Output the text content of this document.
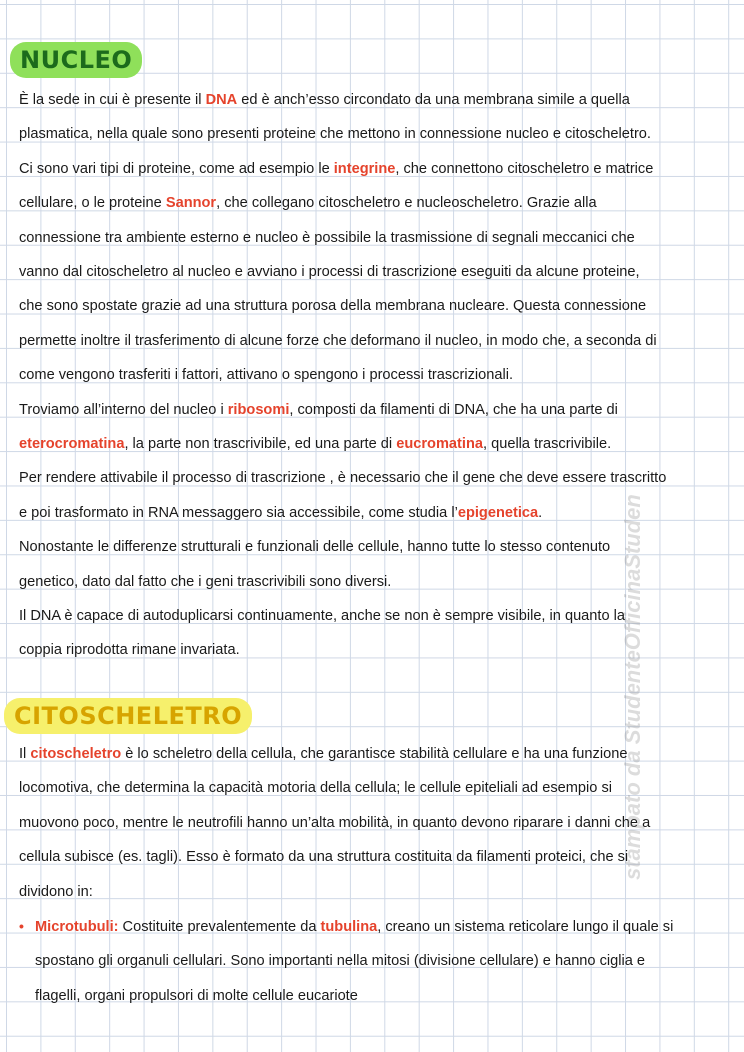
NUCLEO
È la sede in cui è presente il DNA ed è anch’esso circondato da una membrana simile a quella
plasmatica, nella quale sono presenti proteine che mettono in connessione nucleo e citoscheletro.
Ci sono vari tipi di proteine, come ad esempio le integrine, che connettono citoscheletro e matrice
cellulare, o le proteine Sannor, che collegano citoscheletro e nucleoscheletro. Grazie alla
connessione tra ambiente esterno e nucleo è possibile la trasmissione di segnali meccanici che
vanno dal citoscheletro al nucleo e avviano i processi di trascrizione eseguiti da alcune proteine,
che sono spostate grazie ad una struttura porosa della membrana nucleare. Questa connessione
permette inoltre il trasferimento di alcune forze che deformano il nucleo, in modo che, a seconda di
come vengono trasferiti i fattori, attivano o spengono i processi trascrizionali.
Troviamo all’interno del nucleo i ribosomi, composti da filamenti di DNA, che ha una parte di
eterocromatina, la parte non trascrivibile, ed una parte di eucromatina, quella trascrivibile.
Per rendere attivabile il processo di trascrizione , è necessario che il gene che deve essere trascritto
e poi trasformato in RNA messaggero sia accessibile, come studia l’epigenetica.
Nonostante le differenze strutturali e funzionali delle cellule, hanno tutte lo stesso contenuto
genetico, dato dal fatto che i geni trascrivibili sono diversi.
Il DNA è capace di autoduplicarsi continuamente, anche se non è sempre visibile, in quanto la
coppia riprodotta rimane invariata.
CITOSCHELETRO
Il citoscheletro è lo scheletro della cellula, che garantisce stabilità cellulare e ha una funzione
locomotiva, che determina la capacità motoria della cellula; le cellule epiteliali ad esempio si
muovono poco, mentre le neutrofili hanno un’alta mobilità, in quanto devono riparare i danni che a
cellula subisce (es. tagli). Esso è formato da una struttura costituita da filamenti proteici, che si
dividono in:
• Microtubuli: Costituite prevalentemente da tubulina, creano un sistema reticolare lungo il quale si
spostano gli organuli cellulari. Sono importanti nella mitosi (divisione cellulare) e hanno ciglia e
flagelli, organi propulsori di molte cellule eucariote
stampato da StudenteOfficinaStuden
